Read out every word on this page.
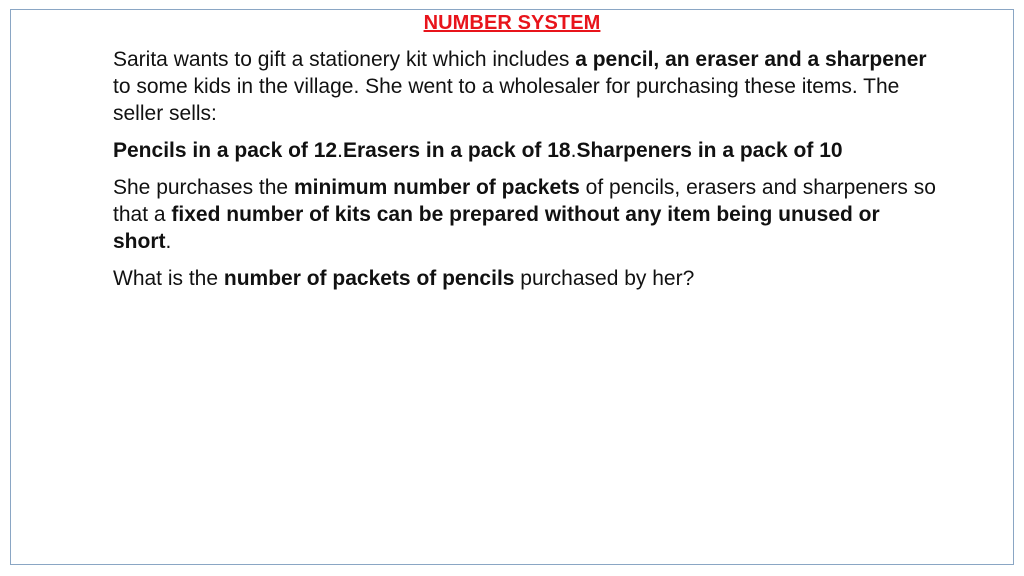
NUMBER SYSTEM

Sarita wants to gift a stationery kit which includes a pencil, an eraser and a sharpener to some kids in the village. She went to a wholesaler for purchasing these items. The seller sells:

Pencils in a pack of 12.Erasers in a pack of 18.Sharpeners in a pack of 10

She purchases the minimum number of packets of pencils, erasers and sharpeners so that a fixed number of kits can be prepared without any item being unused or short.

What is the number of packets of pencils purchased by her?
